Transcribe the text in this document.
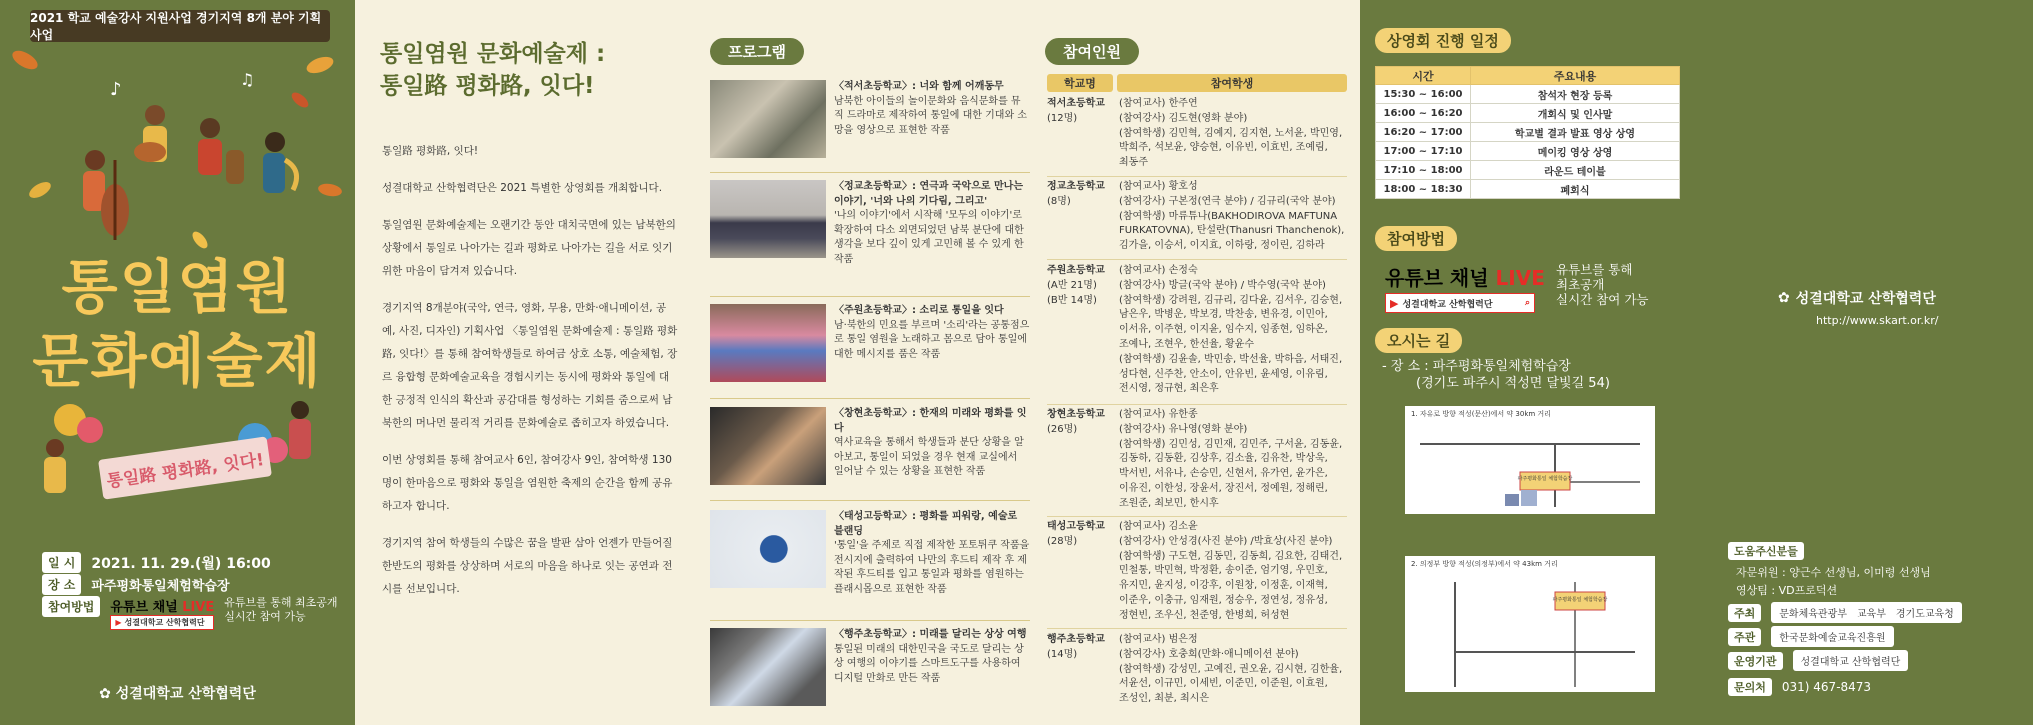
2021 학교 예술강사 지원사업 경기지역 8개 분야 기획사업
♪	♫
통일염원
문화예술제
통일路 평화路, 잇다!
일 시	2021. 11. 29.(월) 16:00
장 소	파주평화통일체험학습장
참여방법	유튜브 채널 LIVE
▶ 성결대학교 산학협력단
유튜브를 통해 최초공개 실시간 참여 가능
✿ 성결대학교 산학협력단
통일염원 문화예술제 :
통일路 평화路, 잇다!

통일路 평화路, 잇다!

성결대학교 산학협력단은 2021 특별한 상영회를 개최합니다.

통일염원 문화예술제는 오랜기간 동안 대치국면에 있는 남북한의 상황에서 통일로 나아가는 길과 평화로 나아가는 길을 서로 잇기 위한 마음이 담겨져 있습니다.

경기지역 8개분야(국악, 연극, 영화, 무용, 만화·애니메이션, 공예, 사진, 디자인) 기획사업 〈통일염원 문화예술제 : 통일路 평화路, 잇다!〉를 통해 참여학생들로 하여금 상호 소통, 예술체험, 장르 융합형 문화예술교육을 경험시키는 동시에 평화와 통일에 대한 긍정적 인식의 확산과 공감대를 형성하는 기회를 줌으로써 남북한의 머나먼 물리적 거리를 문화예술로 좁히고자 하였습니다.

이번 상영회를 통해 참여교사 6인, 참여강사 9인, 참여학생 130명이 한마음으로 평화와 통일을 염원한 축제의 순간을 함께 공유하고자 합니다.

경기지역 참여 학생들의 수많은 꿈을 발판 삼아 언젠가 만들어질 한반도의 평화를 상상하며 서로의 마음을 하나로 잇는 공연과 전시를 선보입니다.

프로그램
〈적서초등학교〉: 너와 함께 어깨동무
남북한 아이들의 놀이문화와 음식문화를 뮤직 드라마로 제작하여 통일에 대한 기대와 소망을 영상으로 표현한 작품
〈정교초등학교〉: 연극과 국악으로 만나는 이야기, '너와 나의 기다림, 그리고'
'나의 이야기'에서 시작해 '모두의 이야기'로 확장하여 다소 외면되었던 남북 분단에 대한 생각을 보다 깊이 있게 고민해 볼 수 있게 한 작품
〈주원초등학교〉: 소리로 통일을 잇다
남·북한의 민요를 부르며 '소리'라는 공통점으로 통일 염원을 노래하고 몸으로 담아 통일에 대한 메시지를 품은 작품
〈창현초등학교〉: 한재의 미래와 평화를 잇다
역사교육을 통해서 학생들과 분단 상황을 알아보고, 통일이 되었을 경우 현재 교실에서 일어날 수 있는 상황을 표현한 작품
〈태성고등학교〉: 평화를 피워랑, 예술로 블랜딩
'통일'을 주제로 직접 제작한 포토튀쿠 작품을 전시지에 출력하여 나만의 후드티 제작 후 제작된 후드티를 입고 통일과 평화를 염원하는 플래시몹으로 표현한 작품
〈행주초등학교〉: 미래를 달리는 상상 여행
통일된 미래의 대한민국을 국도로 달리는 상상 여행의 이야기를 스마트도구를 사용하여 디지털 만화로 만든 작품
참여인원
학교명	참여학생
적서초등학교
(12명)
(참여교사) 한주연
(참여강사) 김도현(영화 분야)
(참여학생) 김민혁, 김예지, 김지현, 노서윤, 박민영,
박희주, 석보윤, 양승현, 이유빈, 이효빈, 조예림,
최동주
정교초등학교
(8명)
(참여교사) 황호성
(참여강사) 구본정(연극 분야) / 김규리(국악 분야)
(참여학생) 마류튜나(BAKHODIROVA MAFTUNA
FURKATOVNA), 탄설란(Thanusri Thanchenok),
김가을, 이승서, 이지효, 이하랑, 정이린, 김하라
주원초등학교
(A반 21명)
(B반 14명)
(참여교사) 손정숙
(참여강사) 방글(국악 분야) / 박수영(국악 분야)
(참여학생) 강려원, 김규리, 김다윤, 김서우, 김승현,
남은우, 박병운, 박보경, 박찬송, 변유경, 이민아,
이서유, 이주현, 이지윤, 임수지, 임종현, 임하온,
조예나, 조현우, 한선율, 황윤수
(참여학생) 김윤솔, 박민송, 박선율, 박하음, 서태진,
성다현, 신주찬, 안소이, 안유빈, 윤세영, 이유림,
전시영, 정규현, 최은후
창현초등학교
(26명)
(참여교사) 유한종
(참여강사) 유나영(영화 분야)
(참여학생) 김민성, 김민재, 김민주, 구서윤, 김동윤,
김동하, 김동환, 김상후, 김소율, 김유찬, 박상욱,
박서빈, 서유나, 손승민, 신현서, 유가연, 윤가은,
이유진, 이한성, 장윤서, 장진서, 정예원, 정해린,
조원준, 최보민, 한시후
태성고등학교
(28명)
(참여교사) 김소윤
(참여강사) 안성경(사진 분야) /박효상(사진 분야)
(참여학생) 구도현, 김동민, 김동희, 김요한, 김태건,
민철통, 박민혁, 박정환, 송이준, 엄기영, 우민호,
유지민, 윤지성, 이강후, 이원창, 이정훈, 이재혁,
이준우, 이충규, 임재원, 정승우, 정연성, 정유성,
정현빈, 조우신, 천준영, 한병희, 허성현
행주초등학교
(14명)
(참여교사) 범은정
(참여강사) 호충희(만화·애니메이션 분야)
(참여학생) 강성민, 고예진, 권오윤, 김시현, 김한율,
서윤선, 이규민, 이세빈, 이준민, 이준원, 이효원,
조성인, 최분, 최시은
상영회 진행 일정
시간	주요내용
15:30 ~ 16:00	참석자 현장 등록
16:00 ~ 16:20	개회식 및 인사말
16:20 ~ 17:00	학교별 결과 발표 영상 상영
17:00 ~ 17:10	메이킹 영상 상영
17:10 ~ 18:00	라운드 테이블
18:00 ~ 18:30	폐회식
참여방법
유튜브 채널 LIVE
▶ 성결대학교 산학협력단	⌕
유튜브를 통해
최초공개
실시간 참여 가능
오시는 길
- 장 소 : 파주평화통일체험학습장
(경기도 파주시 적성면 달빛길 54)
1. 자유로 방향 적성(문산)에서 약 30km 거리
파주평화통일 체험학습장
2. 의정부 방향 적성(의정부)에서 약 43km 거리
파주평화통일 체험학습장
✿ 성결대학교 산학협력단
http://www.skart.or.kr/
도움주신분들
자문위원 : 양근수 선생님, 이미령 선생님
영상팀 : VD프로덕션
주최	문화체육관광부 교육부 경기도교육청
주관	한국문화예술교육진흥원
운영기관	성결대학교 산학협력단
문의처	031) 467-8473
